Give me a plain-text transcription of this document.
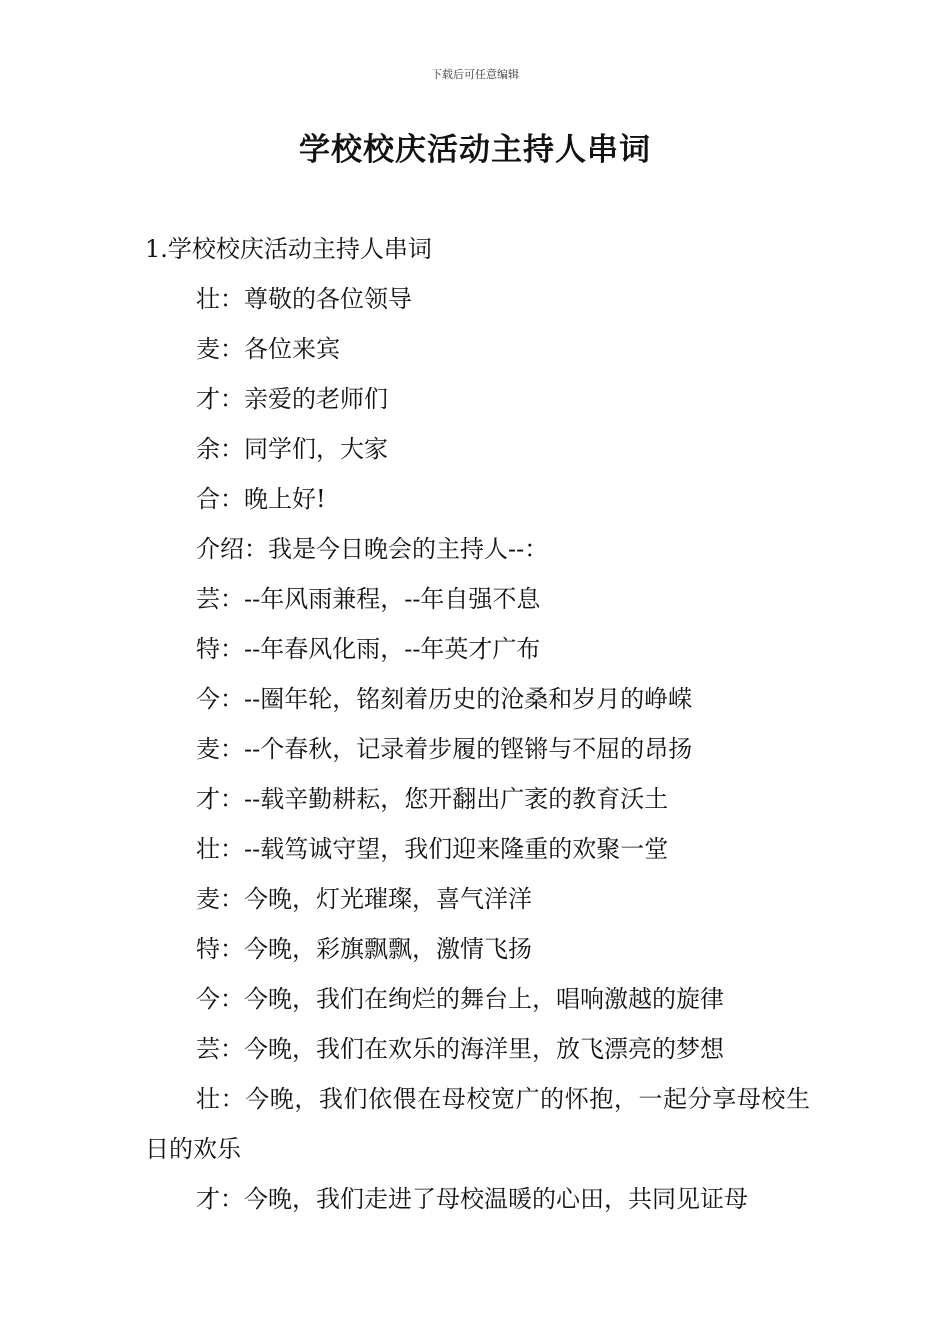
下载后可任意编辑
学校校庆活动主持人串词

1.学校校庆活动主持人串词

壮：尊敬的各位领导

麦：各位来宾

才：亲爱的老师们

余：同学们，大家

合：晚上好!

介绍：我是今日晚会的主持人--：

芸：--年风雨兼程，--年自强不息

特：--年春风化雨，--年英才广布

今：--圈年轮，铭刻着历史的沧桑和岁月的峥嵘

麦：--个春秋，记录着步履的铿锵与不屈的昂扬

才：--载辛勤耕耘，您开翻出广袤的教育沃土

壮：--载笃诚守望，我们迎来隆重的欢聚一堂

麦：今晚，灯光璀璨，喜气洋洋

特：今晚，彩旗飘飘，激情飞扬

今：今晚，我们在绚烂的舞台上，唱响激越的旋律

芸：今晚，我们在欢乐的海洋里，放飞漂亮的梦想

壮：今晚，我们依偎在母校宽广的怀抱，一起分享母校生日的欢乐

才：今晚，我们走进了母校温暖的心田，共同见证母
